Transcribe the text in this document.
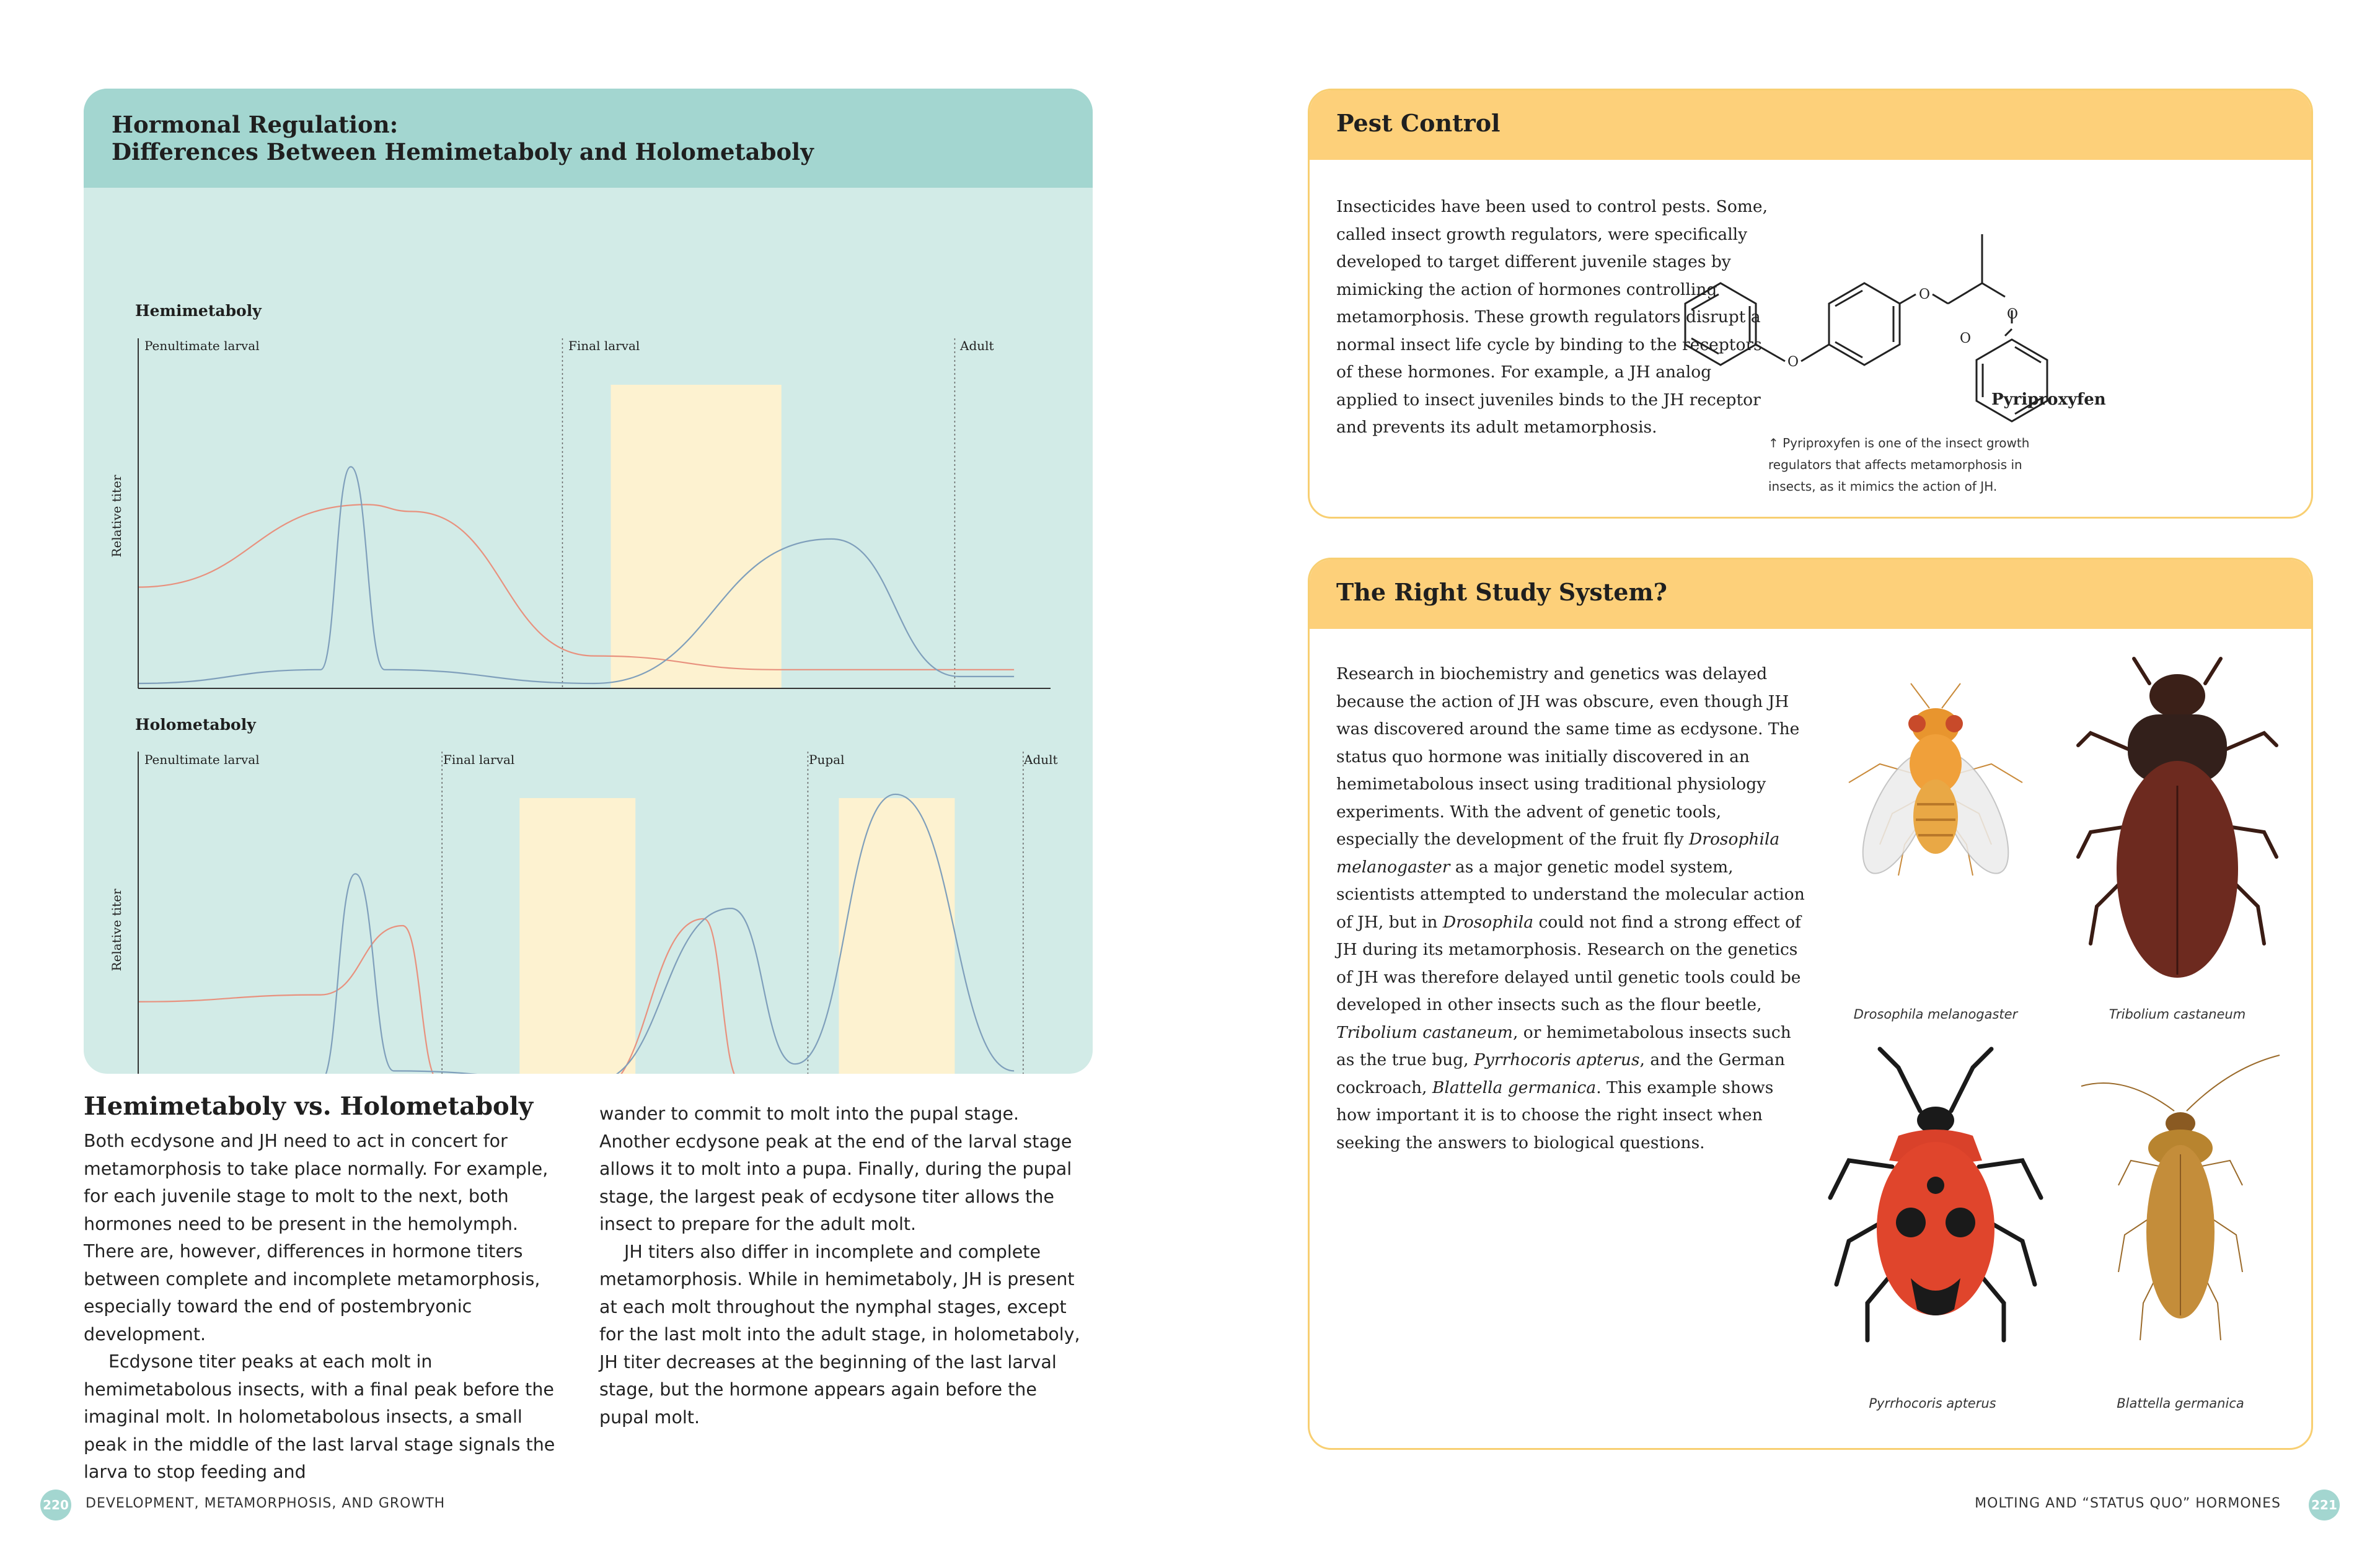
Hormonal Regulation:
Differences Between Hemimetaboly and Holometaboly
Hemimetaboly
Penultimate larval	Final larval	Adult
Relative titer
Holometaboly
Penultimate larval	Final larval	Pupal	Adult
Relative titer
Hemimetaboly vs. Holometaboly

Both ecdysone and JH need to act in concert for metamorphosis to take place normally. For example, for each juvenile stage to molt to the next, both hormones need to be present in the hemolymph. There are, however, differences in hormone titers between complete and incomplete metamorphosis, especially toward the end of postembryonic development.

Ecdysone titer peaks at each molt in hemimetabolous insects, with a final peak before the imaginal molt. In holometabolous insects, a small peak in the middle of the last larval stage signals the larva to stop feeding and

wander to commit to molt into the pupal stage. Another ecdysone peak at the end of the larval stage allows it to molt into a pupa. Finally, during the pupal stage, the largest peak of ecdysone titer allows the insect to prepare for the adult molt.

JH titers also differ in incomplete and complete metamorphosis. While in hemimetaboly, JH is present at each molt throughout the nymphal stages, except for the last molt into the adult stage, in holometaboly, JH titer decreases at the beginning of the last larval stage, but the hormone appears again before the pupal molt.

Pest Control

Insecticides have been used to control pests. Some, called insect growth regulators, were specifically developed to target different juvenile stages by mimicking the action of hormones controlling metamorphosis. These growth regulators disrupt a normal insect life cycle by binding to the receptors of these hormones. For example, a JH analog applied to insect juveniles binds to the JH receptor and prevents its adult metamorphosis.

O
O
O
O
Pyriproxyfen
↑ Pyriproxyfen is one of the insect growth regulators that affects metamorphosis in insects, as it mimics the action of JH.
The Right Study System?

Research in biochemistry and genetics was delayed because the action of JH was obscure, even though JH was discovered around the same time as ecdysone. The status quo hormone was initially discovered in an hemimetabolous insect using traditional physiology experiments. With the advent of genetic tools, especially the development of the fruit fly Drosophila melanogaster as a major genetic model system, scientists attempted to understand the molecular action of JH, but in Drosophila could not find a strong effect of JH during its metamorphosis. Research on the genetics of JH was therefore delayed until genetic tools could be developed in other insects such as the flour beetle, Tribolium castaneum, or hemimetabolous insects such as the true bug, Pyrrhocoris apterus, and the German cockroach, Blattella germanica. This example shows how important it is to choose the right insect when seeking the answers to biological questions.

Drosophila melanogaster	Tribolium castaneum
Pyrrhocoris apterus	Blattella germanica
220 DEVELOPMENT, METAMORPHOSIS, AND GROWTH	MOLTING AND “STATUS QUO” HORMONES 221
